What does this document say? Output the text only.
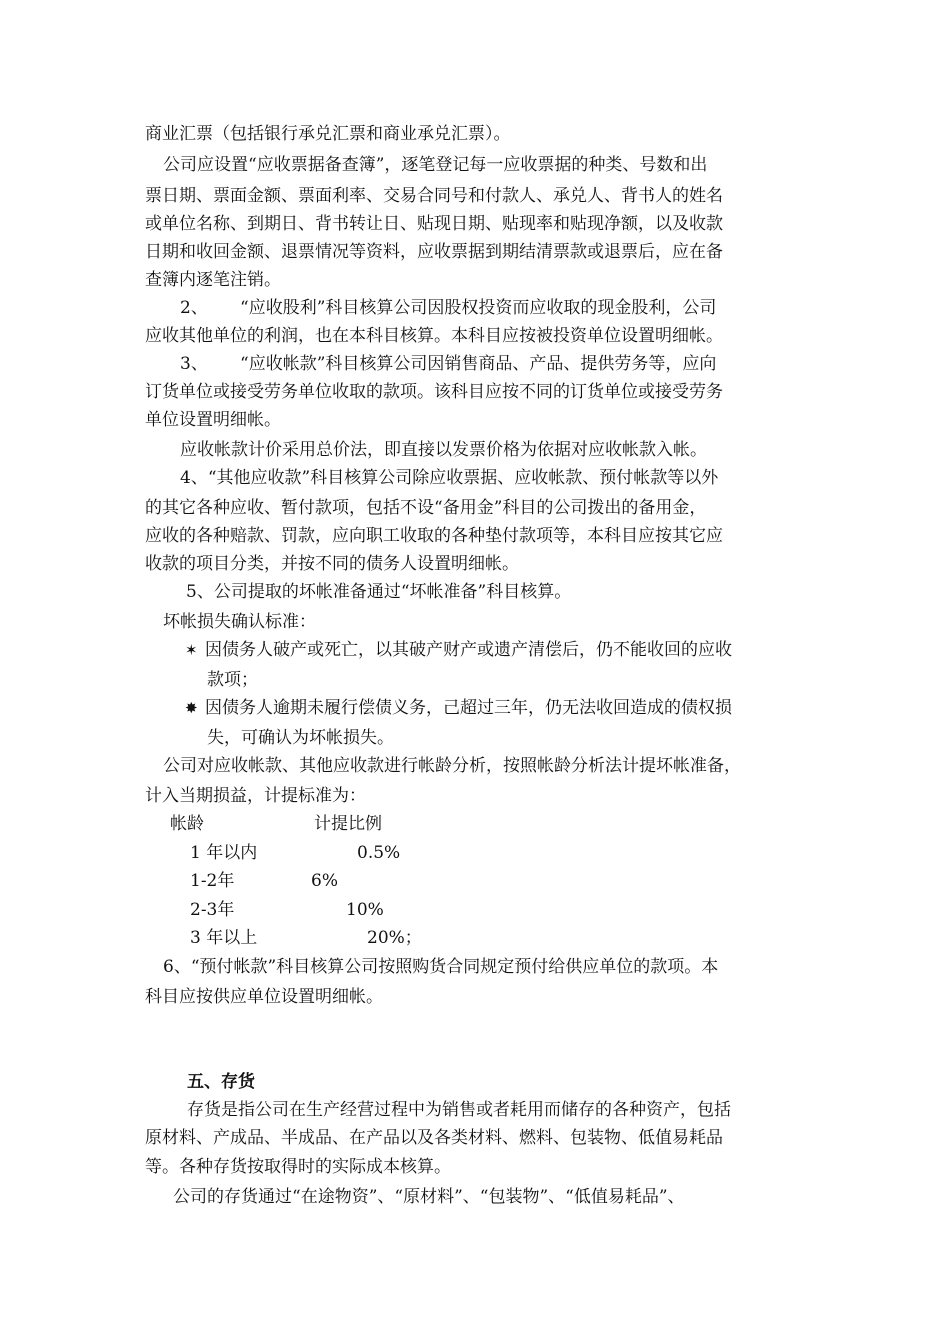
商业汇票（包括银行承兑汇票和商业承兑汇票）。

公司应设置“应收票据备查簿”，逐笔登记每一应收票据的种类、号数和出

票日期、票面金额、票面利率、交易合同号和付款人、承兑人、背书人的姓名

或单位名称、到期日、背书转让日、贴现日期、贴现率和贴现净额，以及收款

日期和收回金额、退票情况等资料，应收票据到期结清票款或退票后，应在备

查簿内逐笔注销。

2、 “应收股利”科目核算公司因股权投资而应收取的现金股利，公司

应收其他单位的利润，也在本科目核算。本科目应按被投资单位设置明细帐。

3、 “应收帐款”科目核算公司因销售商品、产品、提供劳务等，应向

订货单位或接受劳务单位收取的款项。该科目应按不同的订货单位或接受劳务

单位设置明细帐。

应收帐款计价采用总价法，即直接以发票价格为依据对应收帐款入帐。

4、“其他应收款”科目核算公司除应收票据、应收帐款、预付帐款等以外

的其它各种应收、暂付款项，包括不设“备用金”科目的公司拨出的备用金，

应收的各种赔款、罚款，应向职工收取的各种垫付款项等，本科目应按其它应

收款的项目分类，并按不同的债务人设置明细帐。

5、公司提取的坏帐准备通过“坏帐准备”科目核算。

坏帐损失确认标准：

✶ 因债务人破产或死亡，以其破产财产或遗产清偿后，仍不能收回的应收

款项；

✸ 因债务人逾期未履行偿债义务，己超过三年，仍无法收回造成的债权损

失，可确认为坏帐损失。

公司对应收帐款、其他应收款进行帐龄分析，按照帐龄分析法计提坏帐准备，

计入当期损益，计提标准为：

帐龄	计提比例
1 年以内	0.5%
1-2年	6%
2-3年	10%
3 年以上	20%；

6、“预付帐款”科目核算公司按照购货合同规定预付给供应单位的款项。本

科目应按供应单位设置明细帐。

五、存货

存货是指公司在生产经营过程中为销售或者耗用而储存的各种资产，包括

原材料、产成品、半成品、在产品以及各类材料、燃料、包装物、低值易耗品

等。各种存货按取得时的实际成本核算。

公司的存货通过“在途物资”、“原材料”、“包装物”、“低值易耗品”、
